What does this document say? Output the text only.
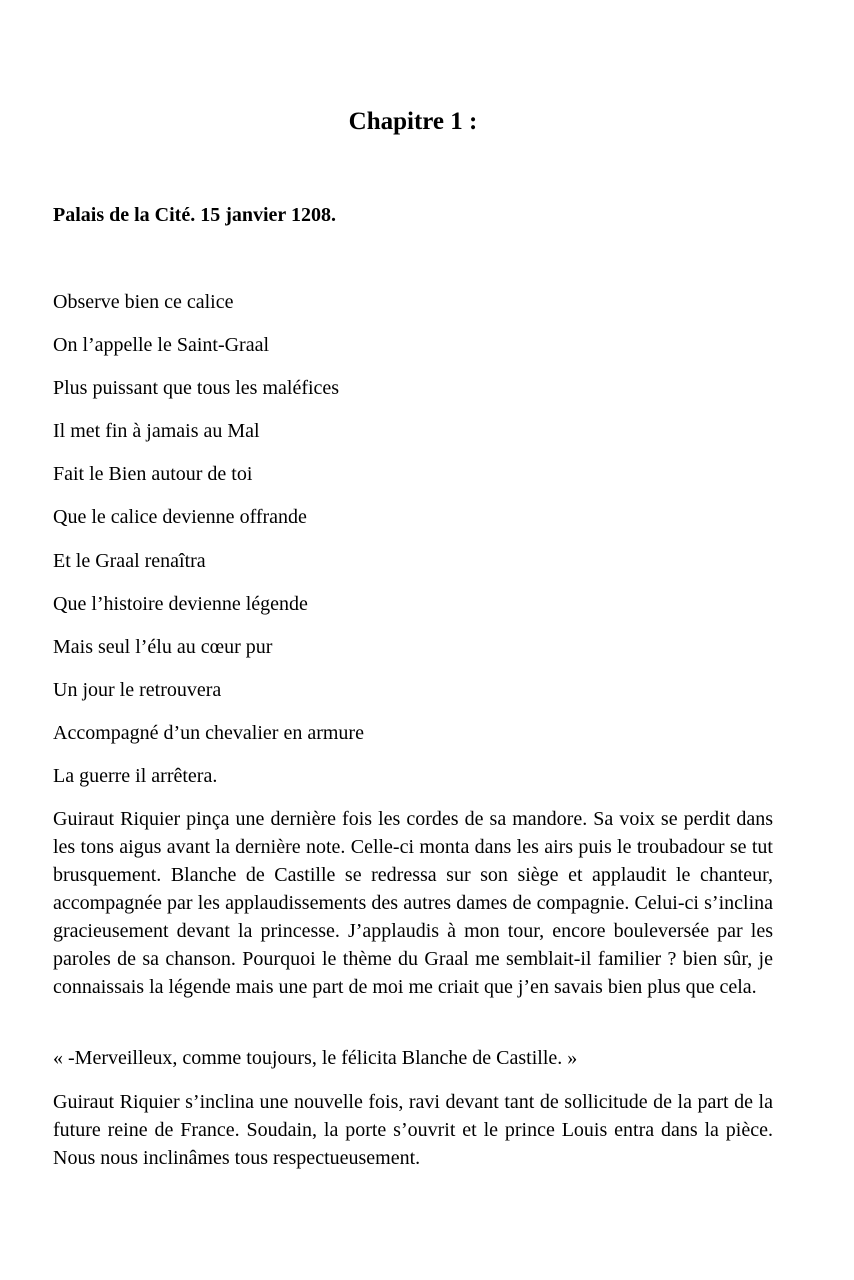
Chapitre 1 :
Palais de la Cité. 15 janvier 1208.
Observe bien ce calice
On l’appelle le Saint-Graal
Plus puissant que tous les maléfices
Il met fin à jamais au Mal
Fait le Bien autour de toi
Que le calice devienne offrande
Et le Graal renaîtra
Que l’histoire devienne légende
Mais seul l’élu au cœur pur
Un jour le retrouvera
Accompagné d’un chevalier en armure
La guerre il arrêtera.

Guiraut Riquier pinça une dernière fois les cordes de sa mandore. Sa voix se perdit dans les tons aigus avant la dernière note. Celle-ci monta dans les airs puis le troubadour se tut brusquement. Blanche de Castille se redressa sur son siège et applaudit le chanteur, accompagnée par les applaudissements des autres dames de compagnie. Celui-ci s’inclina gracieusement devant la princesse. J’applaudis à mon tour, encore bouleversée par les paroles de sa chanson. Pourquoi le thème du Graal me semblait-il familier ? bien sûr, je connaissais la légende mais une part de moi me criait que j’en savais bien plus que cela.

« -Merveilleux, comme toujours, le félicita Blanche de Castille. »

Guiraut Riquier s’inclina une nouvelle fois, ravi devant tant de sollicitude de la part de la future reine de France. Soudain, la porte s’ouvrit et le prince Louis entra dans la pièce. Nous nous inclinâmes tous respectueusement.
